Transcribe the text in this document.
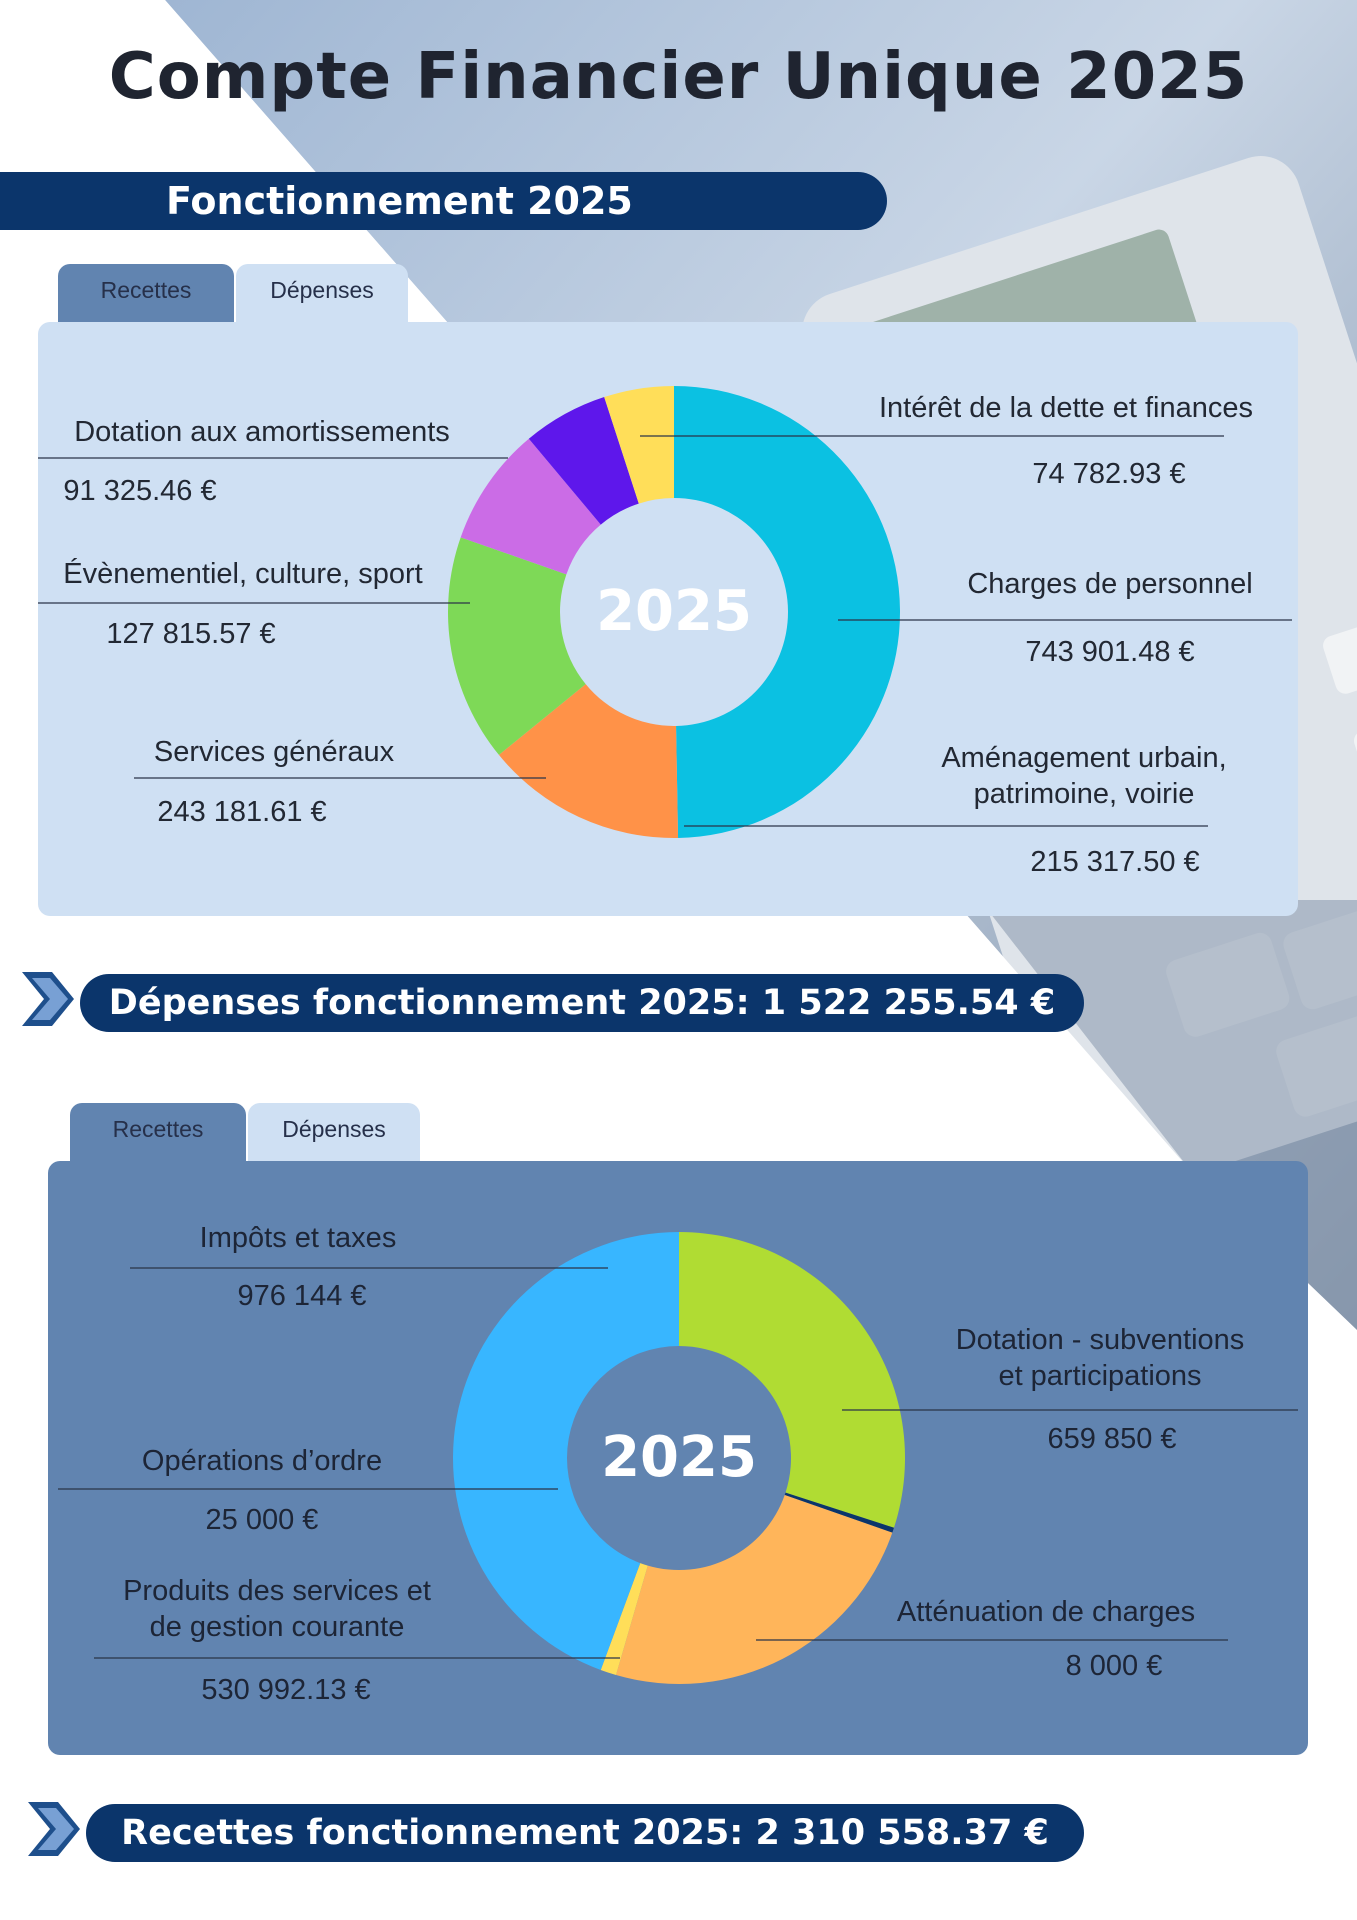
Compte Financier Unique 2025
Fonctionnement 2025
Recettes	Dépenses
2025	Charges de personnel
743 901.48 €
Aménagement urbain,
patrimoine, voirie
215 317.50 €
Services généraux
243 181.61 €
Évènementiel, culture, sport
127 815.57 €
Dotation aux amortissements
91 325.46 €
Intérêt de la dette et finances
74 782.93 €
Dépenses fonctionnement 2025: 1 522 255.54 €
Recettes	Dépenses
2025
Dotation - subventions
et participations
659 850 €
Atténuation de charges
8 000 €
Produits des services et
de gestion courante
530 992.13 €
Opérations d’ordre
25 000 €
Impôts et taxes
976 144 €
Recettes fonctionnement 2025: 2 310 558.37 €
